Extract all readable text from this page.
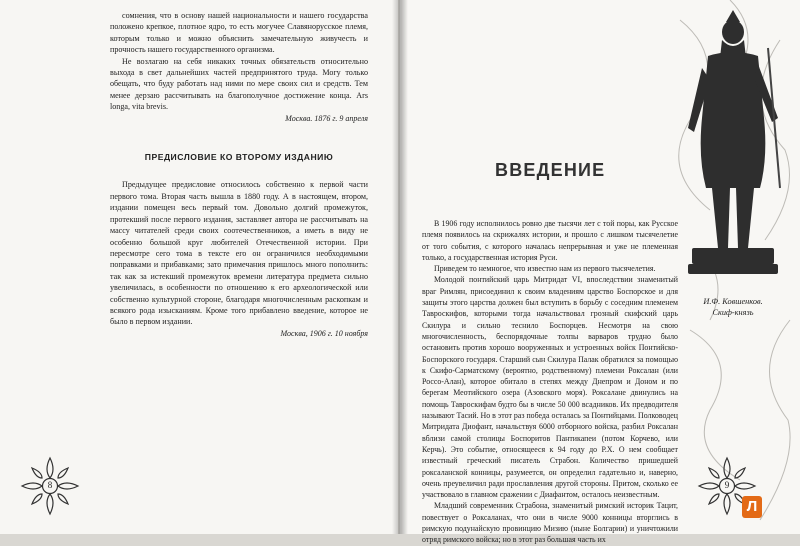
сомнения, что в основу нашей национальности и нашего государства положено крепкое, плотное ядро, то есть могучее Славянорусское племя, которым только и можно объяснить замечательную живучесть и прочность нашего государственного организма.

Не возлагаю на себя никаких точных обязательств относительно выхода в свет дальнейших частей предпринятого труда. Могу только обещать, что буду работать над ними по мере своих сил и средств. Тем менее дерзаю рассчитывать на благополучное достижение конца. Ars longa, vita brevis.

Москва. 1876 г. 9 апреля

ПРЕДИСЛОВИЕ КО ВТОРОМУ ИЗДАНИЮ

Предыдущее предисловие относилось собственно к первой части первого тома. Вторая часть вышла в 1880 году. А в настоящем, втором, издании помещен весь первый том. Довольно долгий промежуток, протекший после первого издания, заставляет автора не рассчитывать на массу читателей среди своих соотечественников, а иметь в виду не особенно большой круг любителей Отечественной истории. При пересмотре сего тома в тексте его он ограничился необходимыми поправками и прибавками; зато примечания пришлось много пополнить: так как за истекший промежуток времени литература предмета сильно увеличилась, в особенности по отношению к его археологической или собственно культурной стороне, благодаря многочисленным раскопкам и всякого рода изысканиям. Кроме того прибавлено введение, которое не было в первом издании.

Москва, 1906 г. 10 ноября

8
ВВЕДЕНИЕ

В 1906 году исполнилось ровно две тысячи лет с той поры, как Русское племя появилось на скрижалях истории, и прошло с лишком тысячелетие от того события, с которого началась непрерывная и уже не племенная только, а государственная история Руси.

Приведем то немногое, что известно нам из первого тысячелетия.

Молодой понтийский царь Митридат VI, впоследствии знаменитый враг Римлян, присоединил к своим владениям царство Боспорское и для защиты этого царства должен был вступить в борьбу с соседним племенем Тавроскифов, которыми тогда начальствовал грозный скифский царь Скилура и сильно теснило Боспорцев. Несмотря на свою многочисленность, беспорядочные толпы варваров трудно было остановить против хорошо вооруженных и устроенных войск Понтийско-Боспорского государя. Старший сын Скилура Палак обратился за помощью к Скифо-Сарматскому (вероятно, родственному) племени Роксалан (или Россо-Алан), которое обитало в степях между Днепром и Доном и по берегам Меотийского озера (Азовского моря). Роксалане двинулись на помощь Тавроскифам будто бы в числе 50 000 всадников. Их предводителя называют Тасий. Но в этот раз победа осталась за Понтийцами. Полководец Митридата Диофант, начальствуя 6000 отборного войска, разбил Роксалан вблизи самой столицы Боспоритов Пантикапеи (потом Корчево, или Керчь). Это событие, относящееся к 94 году до Р.Х. О нем сообщает известный греческий писатель Страбон. Количество пришедшей роксаланской конницы, разумеется, он определил гадательно и, наверно, очень преувеличил ради прославления другой стороны. Притом, сколько ее участвовало в главном сражении с Диафантом, осталось неизвестным.

Младший современник Страбона, знаменитый римский историк Тацит, повествует о Роксаланах, что они в числе 9000 конницы вторглись в римскую подунайскую провинцию Мизию (ныне Болгарии) и уничтожили отряд римского войска; но в этот раз большая часть их

И.Ф. Ковшенков.
Скиф-князь
9
Л
